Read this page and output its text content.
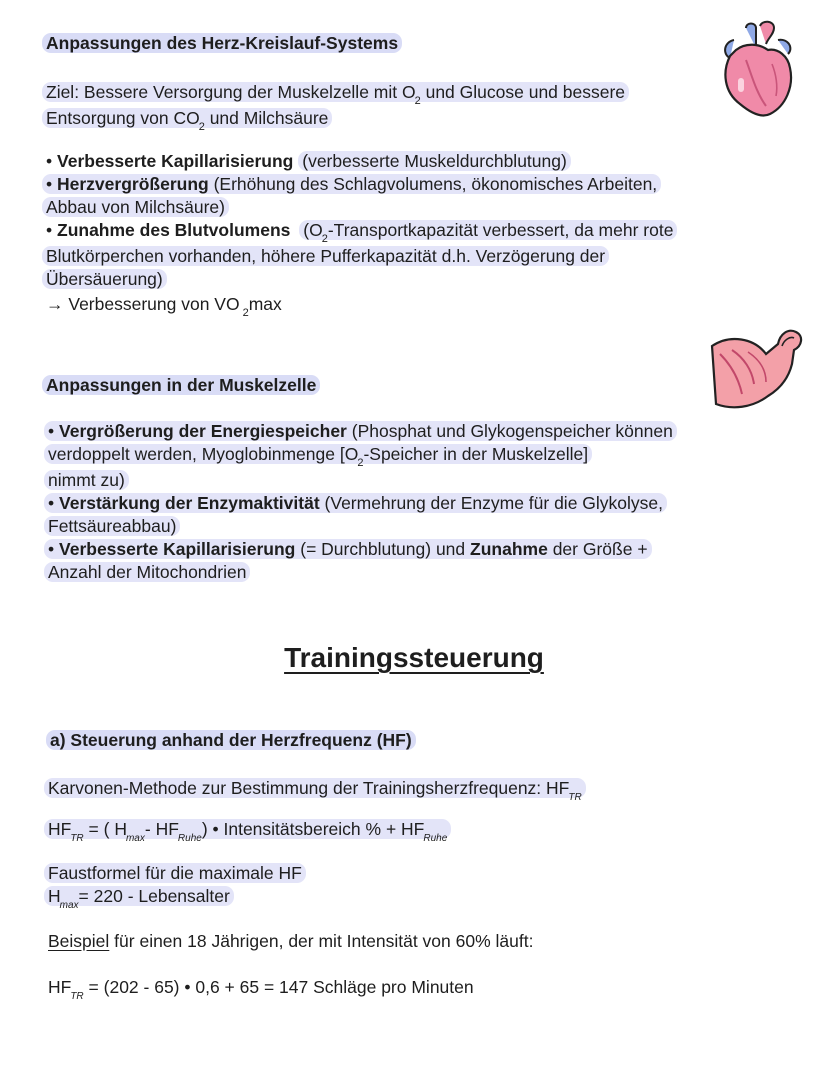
Anpassungen des Herz-Kreislauf-Systems
Ziel: Bessere Versorgung der Muskelzelle mit $O_2$ und Glucose und bessere
Entsorgung von $CO_2$ und Milchsäure
• Verbesserte Kapillarisierung (verbesserte Muskeldurchblutung)
• Herzvergrößerung (Erhöhung des Schlagvolumens, ökonomisches Arbeiten,
Abbau von Milchsäure)
• Zunahme des Blutvolumens ($O_2$-Transportkapazität verbessert, da mehr rote
Blutkörperchen vorhanden, höhere Pufferkapazität d.h. Verzögerung der
Übersäuerung)
→ Verbesserung von VO $_2$max
Anpassungen in der Muskelzelle
• Vergrößerung der Energiespeicher (Phosphat und Glykogenspeicher können
verdoppelt werden, Myoglobinmenge [$O_2$-Speicher in der Muskelzelle]
nimmt zu)
• Verstärkung der Enzymaktivität (Vermehrung der Enzyme für die Glykolyse,
Fettsäureabbau)
• Verbesserte Kapillarisierung (= Durchblutung) und Zunahme der Größe +
Anzahl der Mitochondrien
Trainingssteuerung
a) Steuerung anhand der Herzfrequenz (HF)
Karvonen-Methode zur Bestimmung der Trainingsherzfrequenz: $HF_{TR}$
$HF_{TR}$ = ( $H_{max}-$ $HF_{Ruhe}$) • Intensitätsbereich % + $HF_{Ruhe}$
Faustformel für die maximale HF
$H_{max}= 220$ - Lebensalter
Beispiel für einen 18 Jährigen, der mit Intensität von 60% läuft:
$HF_{TR} = (202 - 65)$ • 0,6 + 65 = 147 Schläge pro Minuten
